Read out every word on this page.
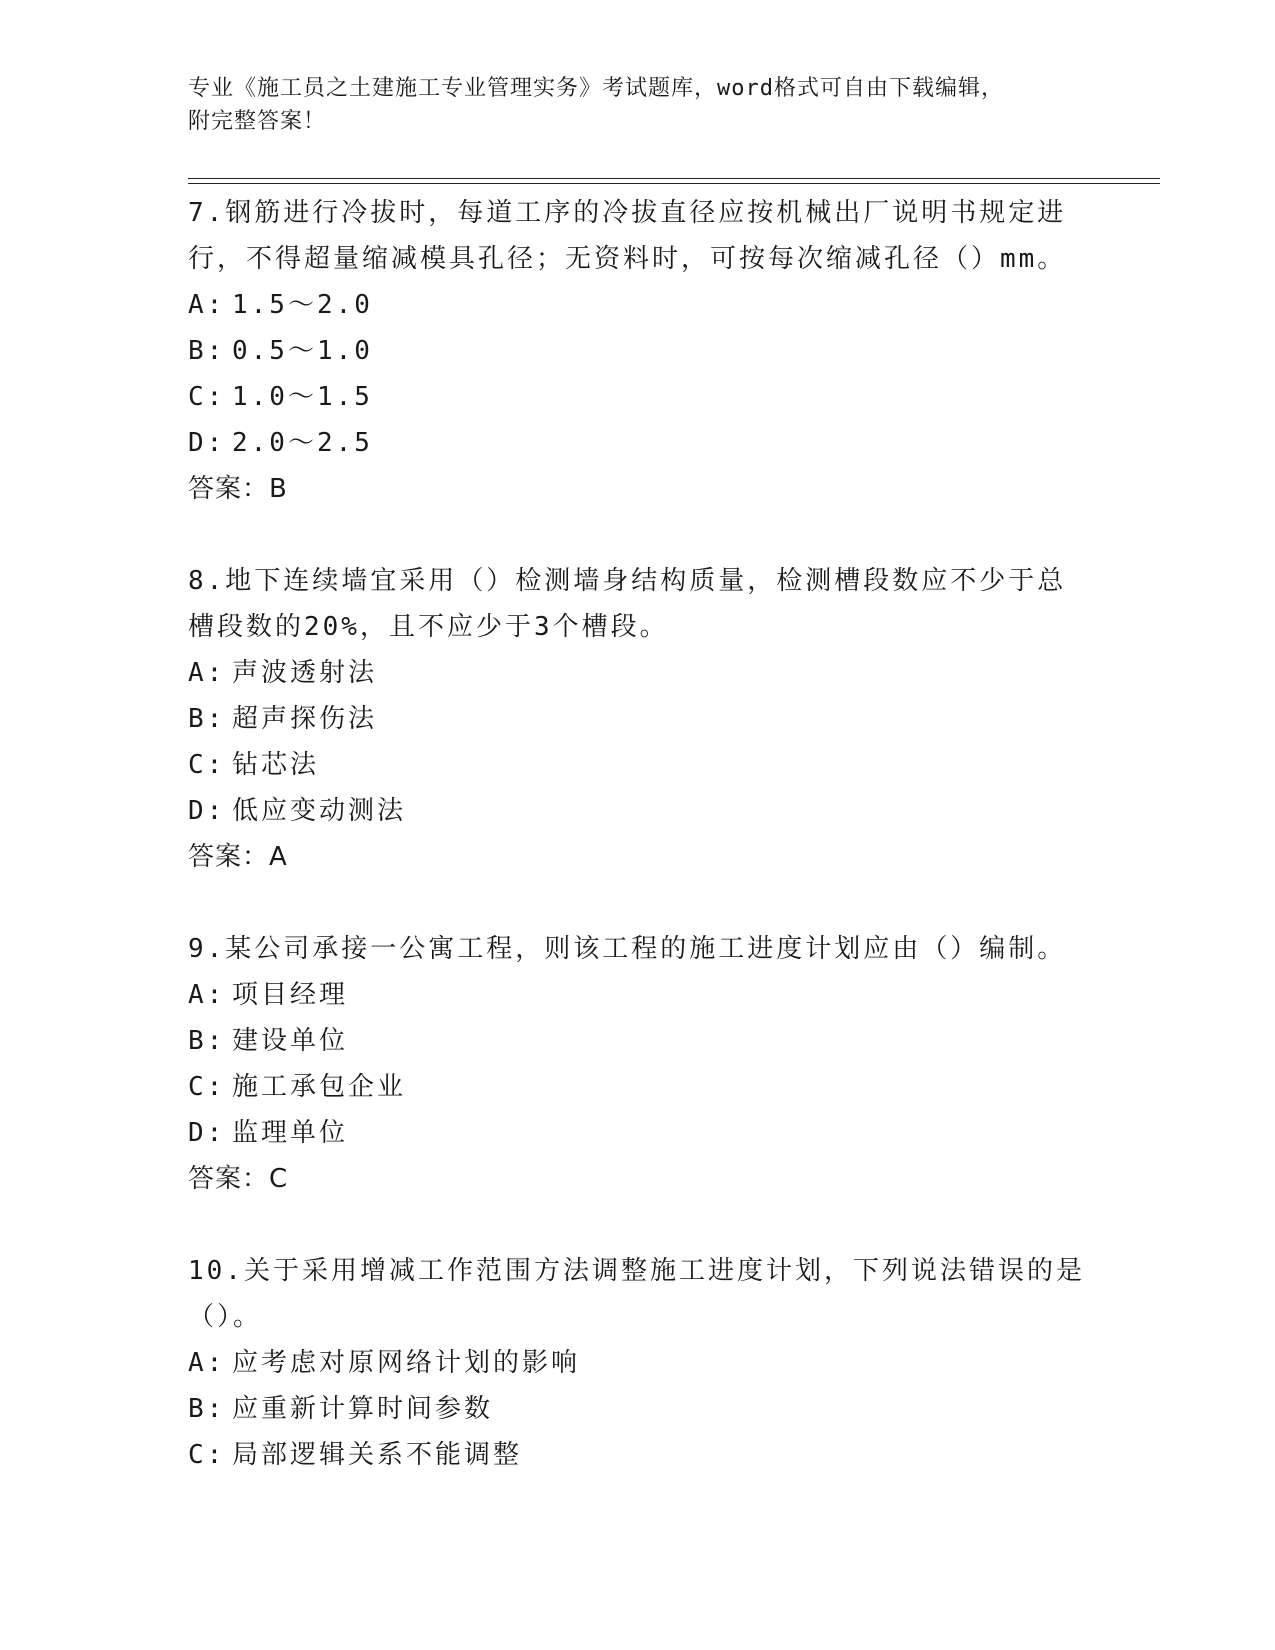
专业《施工员之土建施工专业管理实务》考试题库，word格式可自由下载编辑，
附完整答案！

7.钢筋进行冷拔时，每道工序的冷拔直径应按机械出厂说明书规定进行，不得超量缩减模具孔径；无资料时，可按每次缩减孔径（）mm。

A: 1.5～2.0
B: 0.5～1.0
C: 1.0～1.5
D: 2.0～2.5
答案：B

8.地下连续墙宜采用（）检测墙身结构质量，检测槽段数应不少于总槽段数的20%，且不应少于3个槽段。

A: 声波透射法
B: 超声探伤法
C: 钻芯法
D: 低应变动测法
答案：A

9.某公司承接一公寓工程，则该工程的施工进度计划应由（）编制。

A: 项目经理
B: 建设单位
C: 施工承包企业
D: 监理单位
答案：C

10.关于采用增减工作范围方法调整施工进度计划，下列说法错误的是（）。

A: 应考虑对原网络计划的影响
B: 应重新计算时间参数
C: 局部逻辑关系不能调整
